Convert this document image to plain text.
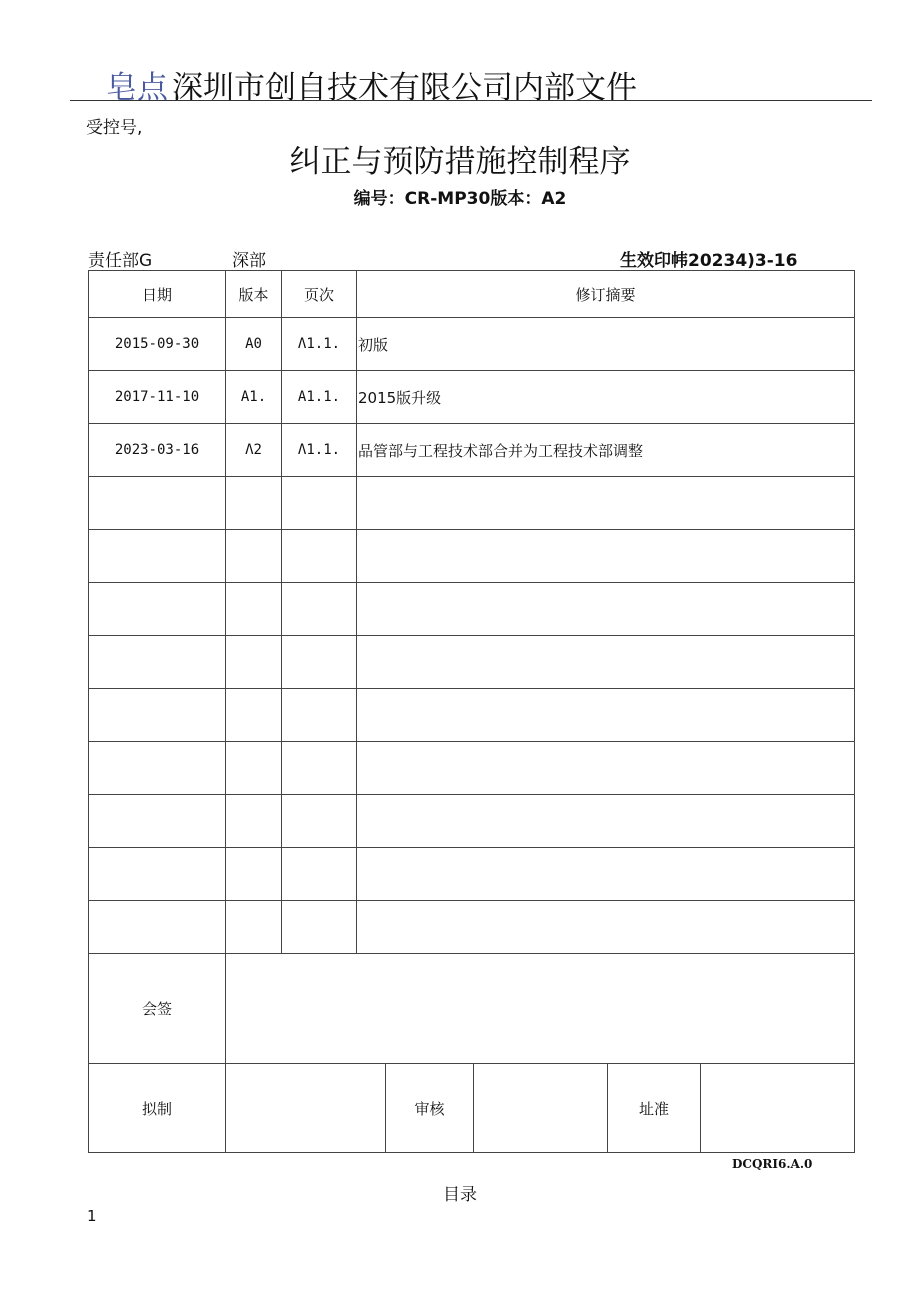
皂点 深圳市创自技术有限公司内部文件
受控号,
纠正与预防措施控制程序
编号：CR-MP30版本：A2
责任部G	深部	生效印帏20234)3-16
日期	版本	页次	修订摘要				
2015-09-30	A0	Λ1.1.	初版				
2017-11-10	A1.	A1.1.	2015版升级				
2023-03-16	Λ2	Λ1.1.	品管部与工程技术部合并为工程技术部调整				

会签							
拟制				审核		址准	
DCQRI6.A.0
目录
1
